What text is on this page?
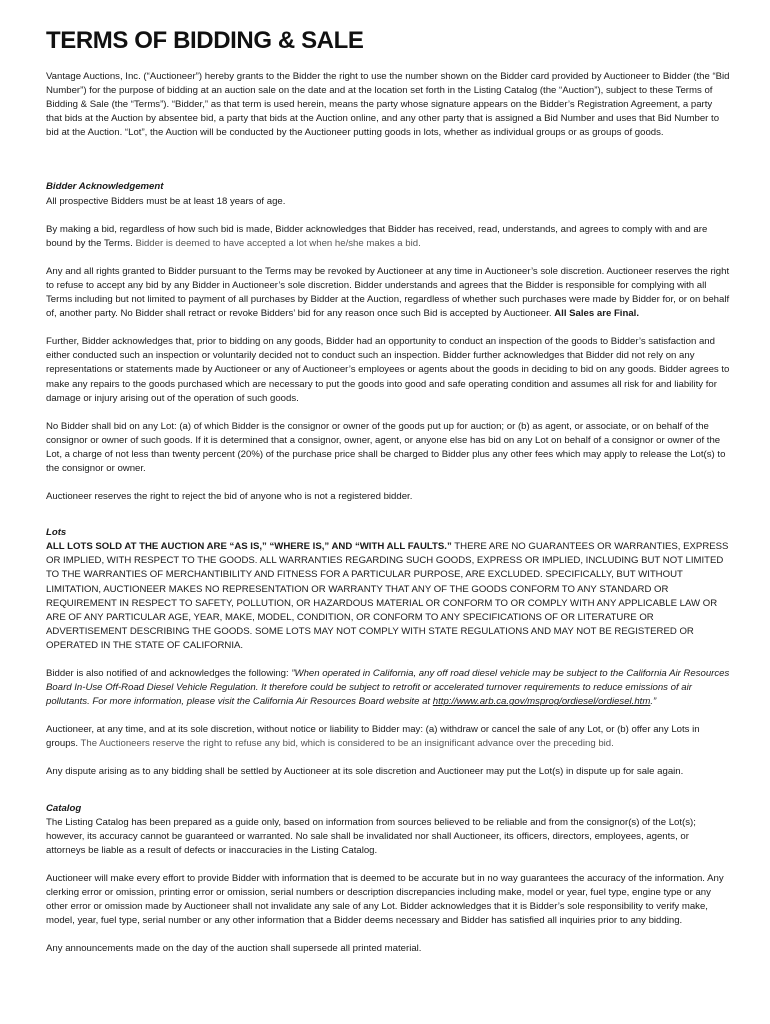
TERMS OF BIDDING & SALE

Vantage Auctions, Inc. (“Auctioneer”) hereby grants to the Bidder the right to use the number shown on the Bidder card provided by Auctioneer to Bidder (the “Bid Number”) for the purpose of bidding at an auction sale on the date and at the location set forth in the Listing Catalog (the “Auction”), subject to these Terms of Bidding & Sale (the “Terms”). “Bidder,” as that term is used herein, means the party whose signature appears on the Bidder’s Registration Agreement, a party that bids at the Auction by absentee bid, a party that bids at the Auction online, and any other party that is assigned a Bid Number and uses that Bid Number to bid at the Auction. “Lot”, the Auction will be conducted by the Auctioneer putting goods in lots, whether as individual groups or as groups of goods.

Bidder Acknowledgement

All prospective Bidders must be at least 18 years of age.

By making a bid, regardless of how such bid is made, Bidder acknowledges that Bidder has received, read, understands, and agrees to comply with and are bound by the Terms. Bidder is deemed to have accepted a lot when he/she makes a bid.

Any and all rights granted to Bidder pursuant to the Terms may be revoked by Auctioneer at any time in Auctioneer’s sole discretion. Auctioneer reserves the right to refuse to accept any bid by any Bidder in Auctioneer’s sole discretion. Bidder understands and agrees that the Bidder is responsible for complying with all Terms including but not limited to payment of all purchases by Bidder at the Auction, regardless of whether such purchases were made by Bidder for, or on behalf of, another party. No Bidder shall retract or revoke Bidders’ bid for any reason once such Bid is accepted by Auctioneer. All Sales are Final.

Further, Bidder acknowledges that, prior to bidding on any goods, Bidder had an opportunity to conduct an inspection of the goods to Bidder’s satisfaction and either conducted such an inspection or voluntarily decided not to conduct such an inspection. Bidder further acknowledges that Bidder did not rely on any representations or statements made by Auctioneer or any of Auctioneer’s employees or agents about the goods in deciding to bid on any goods. Bidder agrees to make any repairs to the goods purchased which are necessary to put the goods into good and safe operating condition and assumes all risk for and liability for damage or injury arising out of the operation of such goods.

No Bidder shall bid on any Lot: (a) of which Bidder is the consignor or owner of the goods put up for auction; or (b) as agent, or associate, or on behalf of the consignor or owner of such goods. If it is determined that a consignor, owner, agent, or anyone else has bid on any Lot on behalf of a consignor or owner of the Lot, a charge of not less than twenty percent (20%) of the purchase price shall be charged to Bidder plus any other fees which may apply to release the Lot(s) to the consignor or owner.

Auctioneer reserves the right to reject the bid of anyone who is not a registered bidder.

Lots

ALL LOTS SOLD AT THE AUCTION ARE “AS IS,” “WHERE IS,” AND “WITH ALL FAULTS.” THERE ARE NO GUARANTEES OR WARRANTIES, EXPRESS OR IMPLIED, WITH RESPECT TO THE GOODS. ALL WARRANTIES REGARDING SUCH GOODS, EXPRESS OR IMPLIED, INCLUDING BUT NOT LIMITED TO THE WARRANTIES OF MERCHANTIBILITY AND FITNESS FOR A PARTICULAR PURPOSE, ARE EXCLUDED. SPECIFICALLY, BUT WITHOUT LIMITATION, AUCTIONEER MAKES NO REPRESENTATION OR WARRANTY THAT ANY OF THE GOODS CONFORM TO ANY STANDARD OR REQUIREMENT IN RESPECT TO SAFETY, POLLUTION, OR HAZARDOUS MATERIAL OR CONFORM TO OR COMPLY WITH ANY APPLICABLE LAW OR ARE OF ANY PARTICULAR AGE, YEAR, MAKE, MODEL, CONDITION, OR CONFORM TO ANY SPECIFICATIONS OF OR LITERATURE OR ADVERTISEMENT DESCRIBING THE GOODS. SOME LOTS MAY NOT COMPLY WITH STATE REGULATIONS AND MAY NOT BE REGISTERED OR OPERATED IN THE STATE OF CALIFORNIA.

Bidder is also notified of and acknowledges the following: ”When operated in California, any off road diesel vehicle may be subject to the California Air Resources Board In-Use Off-Road Diesel Vehicle Regulation. It therefore could be subject to retrofit or accelerated turnover requirements to reduce emissions of air pollutants. For more information, please visit the California Air Resources Board website at http://www.arb.ca.gov/msprog/ordiesel/ordiesel.htm.”

Auctioneer, at any time, and at its sole discretion, without notice or liability to Bidder may: (a) withdraw or cancel the sale of any Lot, or (b) offer any Lots in groups. The Auctioneers reserve the right to refuse any bid, which is considered to be an insignificant advance over the preceding bid.

Any dispute arising as to any bidding shall be settled by Auctioneer at its sole discretion and Auctioneer may put the Lot(s) in dispute up for sale again.

Catalog

The Listing Catalog has been prepared as a guide only, based on information from sources believed to be reliable and from the consignor(s) of the Lot(s); however, its accuracy cannot be guaranteed or warranted. No sale shall be invalidated nor shall Auctioneer, its officers, directors, employees, agents, or attorneys be liable as a result of defects or inaccuracies in the Listing Catalog.

Auctioneer will make every effort to provide Bidder with information that is deemed to be accurate but in no way guarantees the accuracy of the information. Any clerking error or omission, printing error or omission, serial numbers or description discrepancies including make, model or year, fuel type, engine type or any other error or omission made by Auctioneer shall not invalidate any sale of any Lot. Bidder acknowledges that it is Bidder’s sole responsibility to verify make, model, year, fuel type, serial number or any other information that a Bidder deems necessary and Bidder has satisfied all inquiries prior to any bidding.

Any announcements made on the day of the auction shall supersede all printed material.
